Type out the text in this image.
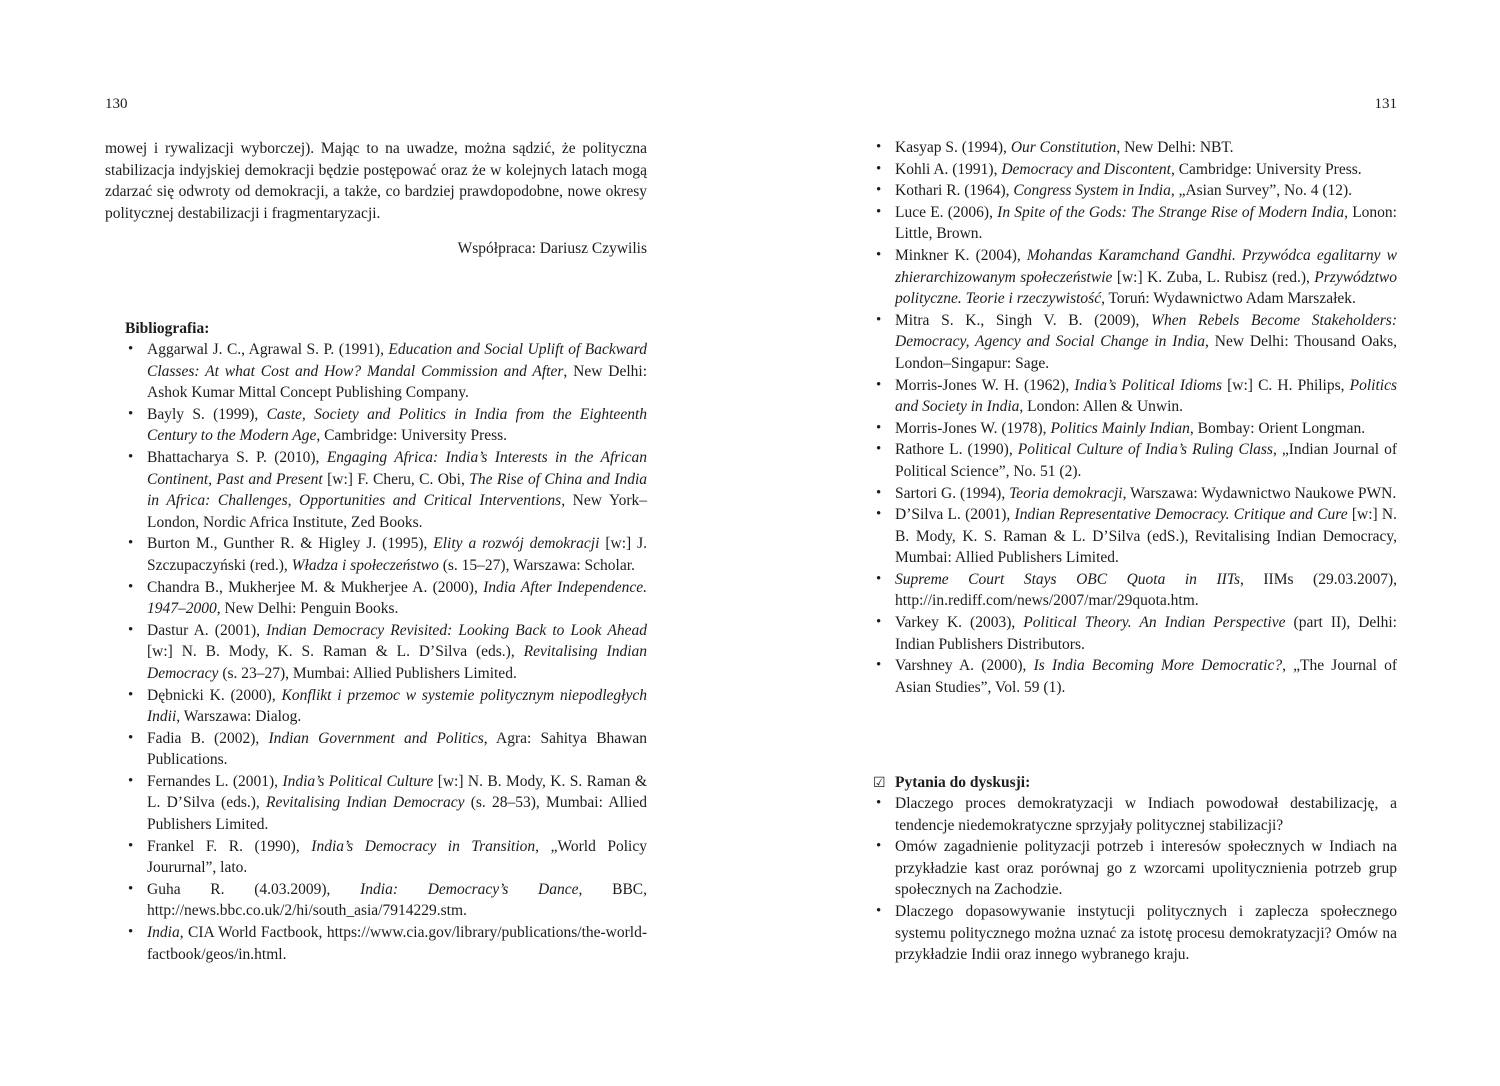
130

mowej i rywalizacji wyborczej). Mając to na uwadze, można sądzić, że polityczna stabilizacja indyjskiej demokracji będzie postępować oraz że w kolejnych latach mogą zdarzać się odwroty od demokracji, a także, co bardziej prawdopodobne, nowe okresy politycznej destabilizacji i fragmentaryzacji.

Współpraca: Dariusz Czywilis
Bibliografia:
• Aggarwal J. C., Agrawal S. P. (1991), Education and Social Uplift of Backward Classes: At what Cost and How? Mandal Commission and After, New Delhi: Ashok Kumar Mittal Concept Publishing Company.
• Bayly S. (1999), Caste, Society and Politics in India from the Eighteenth Century to the Modern Age, Cambridge: University Press.
• Bhattacharya S. P. (2010), Engaging Africa: India’s Interests in the African Continent, Past and Present [w:] F. Cheru, C. Obi, The Rise of China and India in Africa: Challenges, Opportunities and Critical Interventions, New York–London, Nordic Africa Institute, Zed Books.
• Burton M., Gunther R. & Higley J. (1995), Elity a rozwój demokracji [w:] J. Szczupaczyński (red.), Władza i społeczeństwo (s. 15–27), Warszawa: Scholar.
• Chandra B., Mukherjee M. & Mukherjee A. (2000), India After Independence. 1947–2000, New Delhi: Penguin Books.
• Dastur A. (2001), Indian Democracy Revisited: Looking Back to Look Ahead [w:] N. B. Mody, K. S. Raman & L. D’Silva (eds.), Revitalising Indian Democracy (s. 23–27), Mumbai: Allied Publishers Limited.
• Dębnicki K. (2000), Konflikt i przemoc w systemie politycznym niepodległych Indii, Warszawa: Dialog.
• Fadia B. (2002), Indian Government and Politics, Agra: Sahitya Bhawan Publications.
• Fernandes L. (2001), India’s Political Culture [w:] N. B. Mody, K. S. Raman & L. D’Silva (eds.), Revitalising Indian Democracy (s. 28–53), Mumbai: Allied Publishers Limited.
• Frankel F. R. (1990), India’s Democracy in Transition, „World Policy Joururnal”, lato.
• Guha R. (4.03.2009), India: Democracy’s Dance, BBC, http://news.bbc.co.uk/2/hi/south_asia/7914229.stm.
• India, CIA World Factbook, https://www.cia.gov/library/publications/the-world-factbook/geos/in.html.
131
• Kasyap S. (1994), Our Constitution, New Delhi: NBT.
• Kohli A. (1991), Democracy and Discontent, Cambridge: University Press.
• Kothari R. (1964), Congress System in India, „Asian Survey”, No. 4 (12).
• Luce E. (2006), In Spite of the Gods: The Strange Rise of Modern India, Lonon: Little, Brown.
• Minkner K. (2004), Mohandas Karamchand Gandhi. Przywódca egalitarny w zhierarchizowanym społeczeństwie [w:] K. Zuba, L. Rubisz (red.), Przywództwo polityczne. Teorie i rzeczywistość, Toruń: Wydawnictwo Adam Marszałek.
• Mitra S. K., Singh V. B. (2009), When Rebels Become Stakeholders: Democracy, Agency and Social Change in India, New Delhi: Thousand Oaks, London–Singapur: Sage.
• Morris-Jones W. H. (1962), India’s Political Idioms [w:] C. H. Philips, Politics and Society in India, London: Allen & Unwin.
• Morris-Jones W. (1978), Politics Mainly Indian, Bombay: Orient Longman.
• Rathore L. (1990), Political Culture of India’s Ruling Class, „Indian Journal of Political Science”, No. 51 (2).
• Sartori G. (1994), Teoria demokracji, Warszawa: Wydawnictwo Naukowe PWN.
• D’Silva L. (2001), Indian Representative Democracy. Critique and Cure [w:] N. B. Mody, K. S. Raman & L. D’Silva (edS.), Revitalising Indian Democracy, Mumbai: Allied Publishers Limited.
• Supreme Court Stays OBC Quota in IITs, IIMs (29.03.2007), http://in.rediff.com/news/2007/mar/29quota.htm.
• Varkey K. (2003), Political Theory. An Indian Perspective (part II), Delhi: Indian Publishers Distributors.
• Varshney A. (2000), Is India Becoming More Democratic?, „The Journal of Asian Studies”, Vol. 59 (1).
☑ Pytania do dyskusji:
• Dlaczego proces demokratyzacji w Indiach powodował destabilizację, a tendencje niedemokratyczne sprzyjały politycznej stabilizacji?
• Omów zagadnienie polityzacji potrzeb i interesów społecznych w Indiach na przykładzie kast oraz porównaj go z wzorcami upolitycznienia potrzeb grup społecznych na Zachodzie.
• Dlaczego dopasowywanie instytucji politycznych i zaplecza społecznego systemu politycznego można uznać za istotę procesu demokratyzacji? Omów na przykładzie Indii oraz innego wybranego kraju.
